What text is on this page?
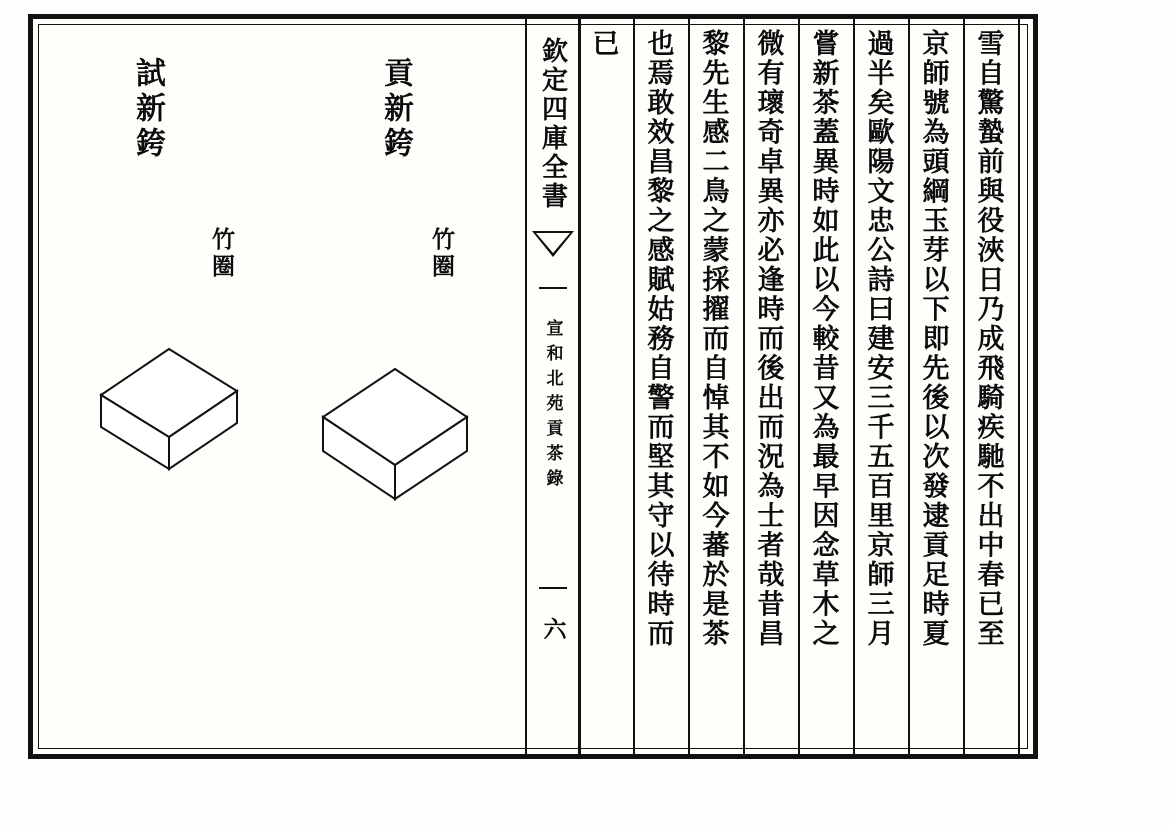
雪自驚蟄前與役浹日乃成飛騎疾馳不出中春已至
京師號為頭綱玉芽以下即先後以次發逮貢足時夏
過半矣歐陽文忠公詩曰建安三千五百里京師三月
嘗新茶蓋異時如此以今較昔又為最早因念草木之
微有瓌奇卓異亦必逢時而後出而況為士者哉昔昌
黎先生感二鳥之蒙採擢而自悼其不如今蕃於是茶
也焉敢效昌黎之感賦姑務自警而堅其守以待時而
已
欽定四庫全書
宣和北苑貢茶錄
六
貢新銙
竹圈
試新銙
竹圈
